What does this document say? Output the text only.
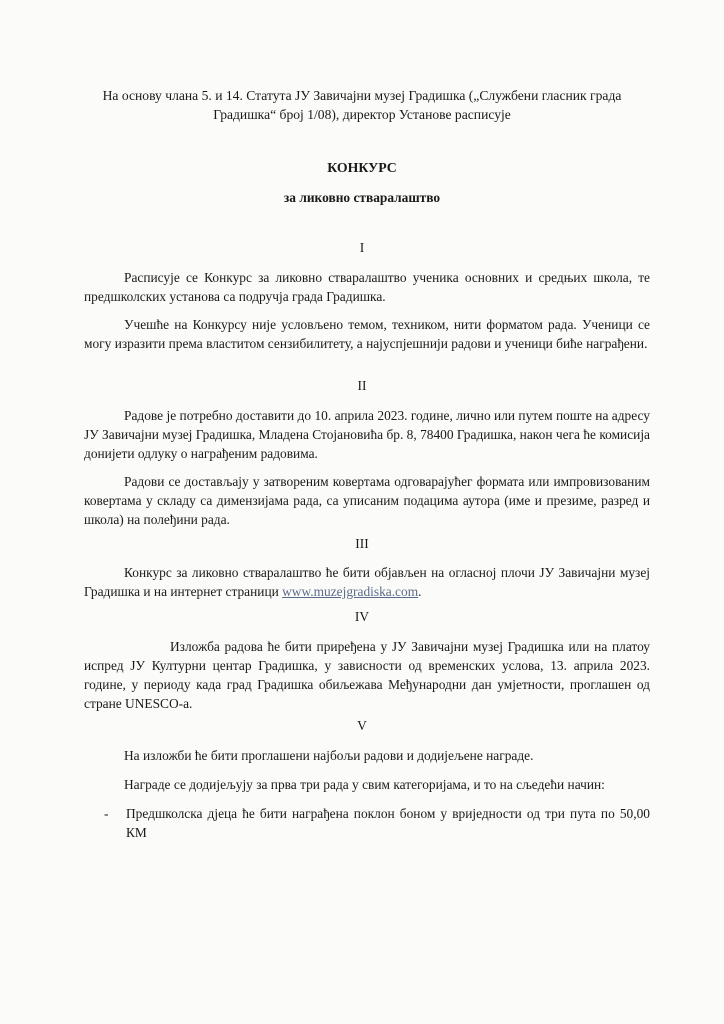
На основу члана 5. и 14. Статута ЈУ Завичајни музеј Градишка („Службени гласник града
Градишка“ број 1/08), директор Установе расписује
КОНКУРС
за ликовно стваралаштво
I

Расписује се Конкурс за ликовно стваралаштво ученика основних и средњих школа, те предшколских установа са подручја града Градишка.

Учешће на Конкурсу није условљено темом, техником, нити форматом рада. Ученици се могу изразити према властитом сензибилитету, а најуспјешнији радови и ученици биће награђени.

II

Радове је потребно доставити до 10. априла 2023. године, лично или путем поште на адресу ЈУ Завичајни музеј Градишка, Младена Стојановића бр. 8, 78400 Градишка, након чега ће комисија донијети одлуку о награђеним радовима.

Радови се достављају у затвореним ковертама одговарајућег формата или импровизованим ковертама у складу са димензијама рада, са уписаним подацима аутора (име и презиме, разред и школа) на полеђини рада.

III

Конкурс за ликовно стваралаштво ће бити објављен на огласној плочи ЈУ Завичајни музеј Градишка и на интернет страници www.muzejgradiska.com.

IV

Изложба радова ће бити приређена у ЈУ Завичајни музеј Градишка или на платоу испред ЈУ Културни центар Градишка, у зависности од временских услова, 13. априла 2023. године, у периоду када град Градишка обиљежава Међународни дан умјетности, проглашен од стране UNESCO-а.

V

На изложби ће бити проглашени најбољи радови и додијељене награде.

Награде се додијељују за прва три рада у свим категоријама, и то на сљедећи начин:

- Предшколска дјеца ће бити награђена поклон боном у вриједности од три пута по 50,00 КМ
